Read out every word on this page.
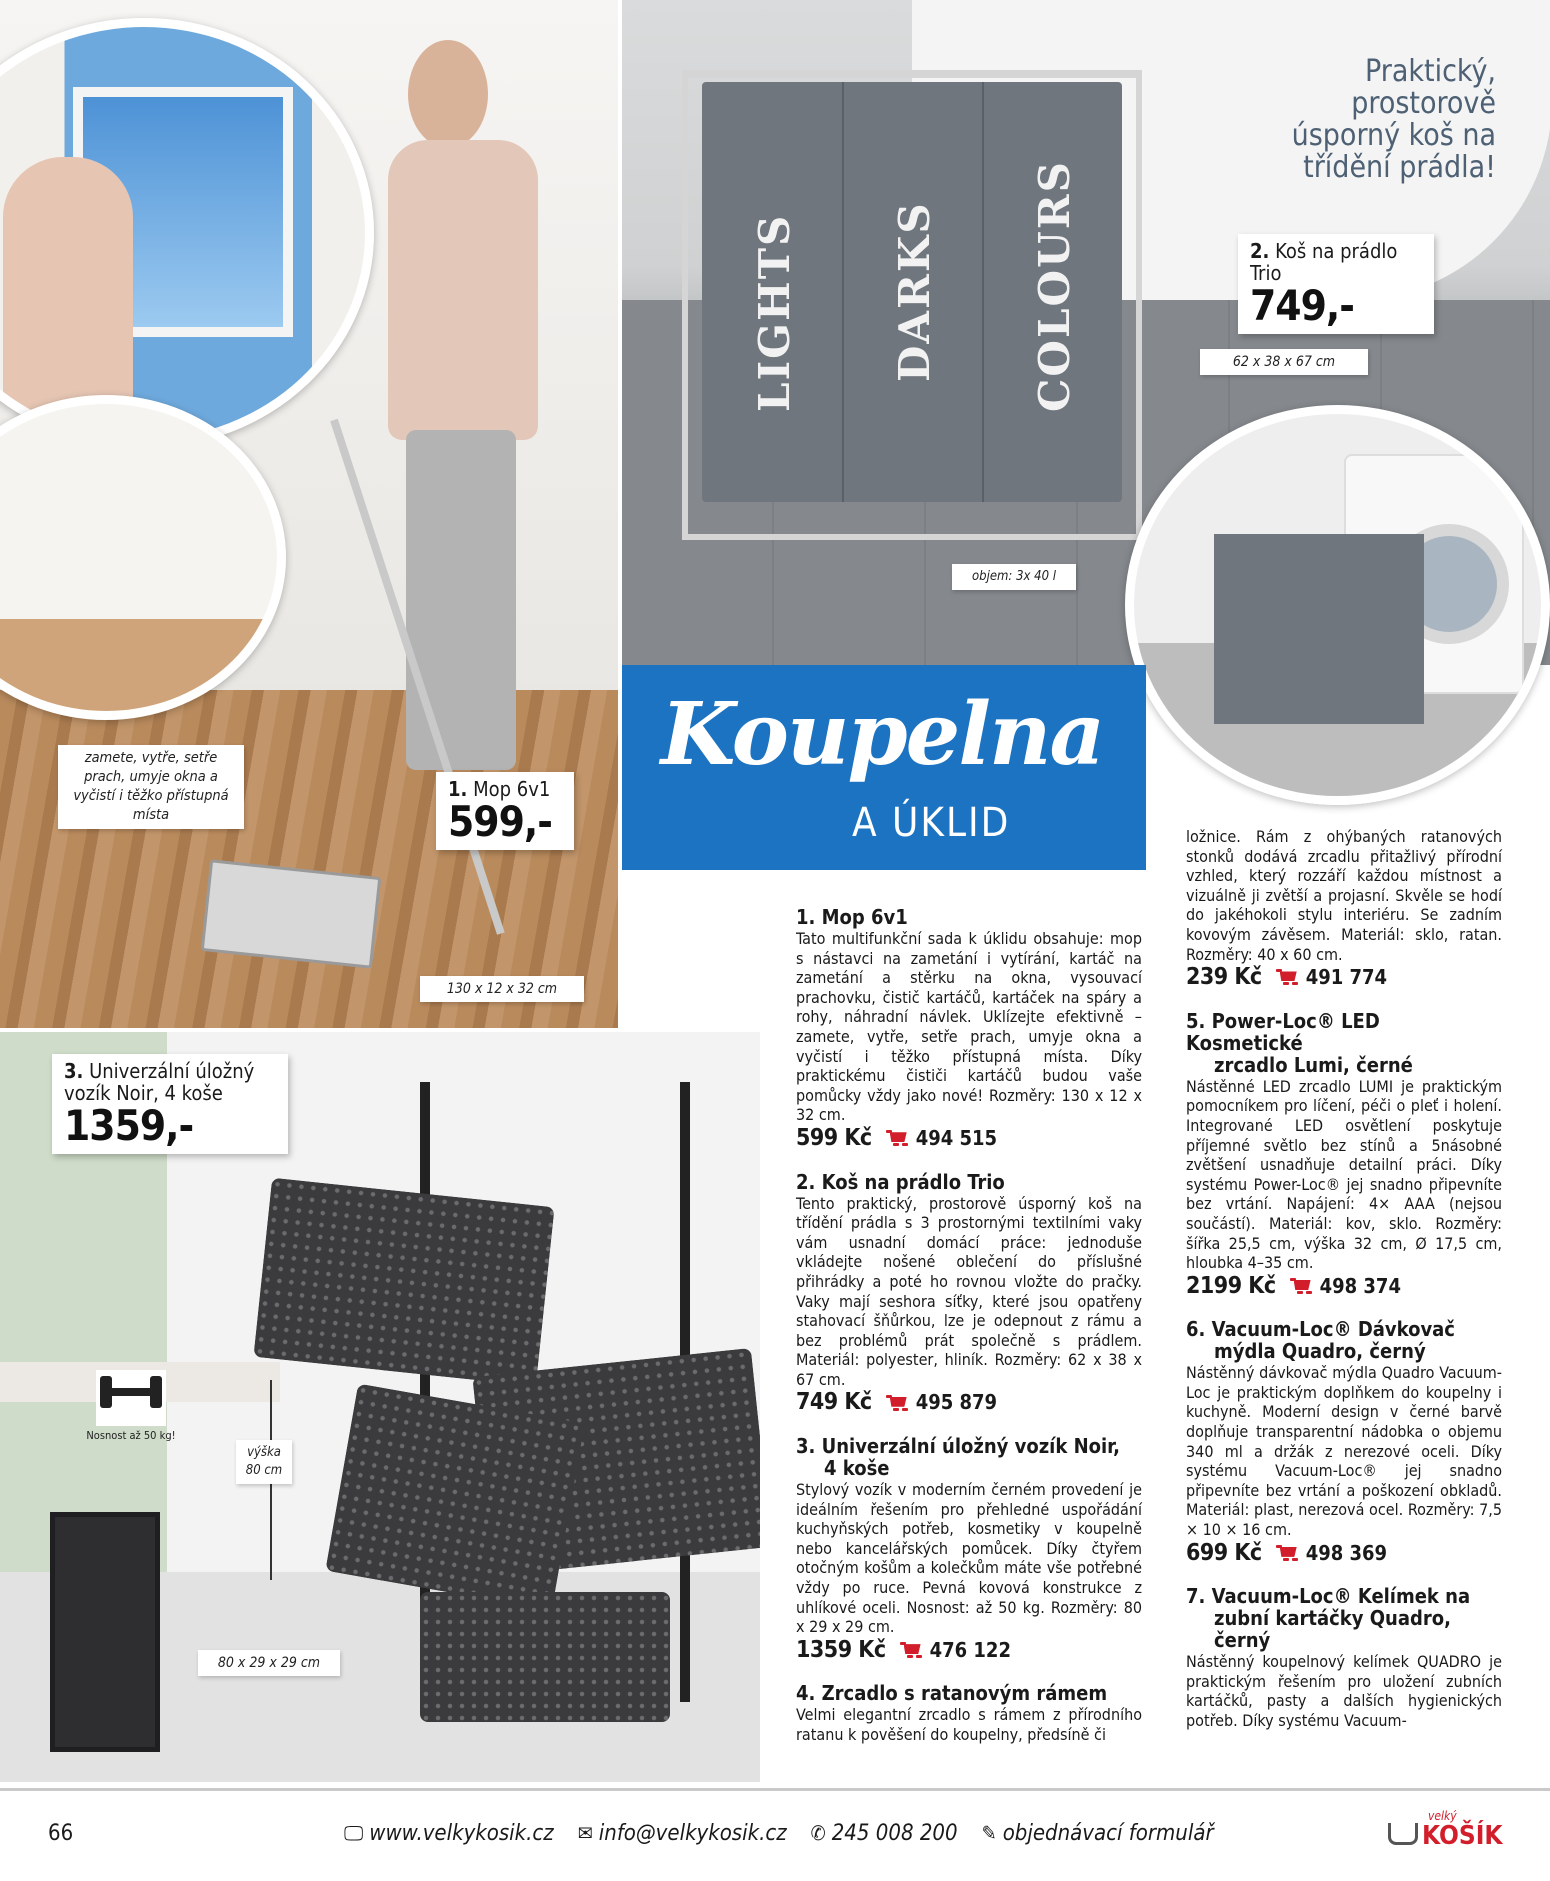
zamete, vytře, setře prach, umyje okna a vyčistí i těžko přístupná místa
130 x 12 x 32 cm
1. Mop 6v1
599,-
LIGHTS DARKS COLOURS
Praktický, prostorově úsporný koš na třídění prádla!
2. Koš na prádlo Trio
749,-
62 x 38 x 67 cm
objem: 3x 40 l
Koupelna
A ÚKLID
3. Univerzální úložný vozík Noir, 4 koše
1359,-
Nosnost až 50 kg!
výška 80 cm
80 x 29 x 29 cm
1. Mop 6v1

Tato multifunkční sada k úklidu obsahuje: mop s nástavci na zametání i vytírání, kartáč na zametání a stěrku na okna, vysouvací prachovku, čistič kartáčů, kartáček na spáry a rohy, náhradní návlek. Uklízejte efektivně – zamete, vytře, setře prach, umyje okna a vyčistí i těžko přístupná místa. Díky praktickému čističi kartáčů budou vaše pomůcky vždy jako nové! Rozměry: 130 x 12 x 32 cm.

599 Kč 494 515
2. Koš na prádlo Trio

Tento praktický, prostorově úsporný koš na třídění prádla s 3 prostornými textilními vaky vám usnadní domácí práce: jednoduše vkládejte nošené oblečení do příslušné přihrádky a poté ho rovnou vložte do pračky. Vaky mají seshora síťky, které jsou opatřeny stahovací šňůrkou, lze je odepnout z rámu a bez problémů prát společně s prádlem. Materiál: polyester, hliník. Rozměry: 62 x 38 x 67 cm.

749 Kč 495 879
3. Univerzální úložný vozík Noir,
4 koše

Stylový vozík v moderním černém provedení je ideálním řešením pro přehledné uspořádání kuchyňských potřeb, kosmetiky v koupelně nebo kancelářských pomůcek. Díky čtyřem otočným košům a kolečkům máte vše potřebné vždy po ruce. Pevná kovová konstrukce z uhlíkové oceli. Nosnost: až 50 kg. Rozměry: 80 x 29 x 29 cm.

1359 Kč 476 122
4. Zrcadlo s ratanovým rámem

Velmi elegantní zrcadlo s rámem z přírodního ratanu k pověšení do koupelny, předsíně či

ložnice. Rám z ohýbaných ratanových stonků dodává zrcadlu přitažlivý přírodní vzhled, který rozzáří každou místnost a vizuálně ji zvětší a projasní. Skvěle se hodí do jakéhokoli stylu interiéru. Se zadním kovovým závěsem. Materiál: sklo, ratan. Rozměry: 40 x 60 cm.

239 Kč 491 774
5. Power-Loc® LED Kosmetické
zrcadlo Lumi, černé

Nástěnné LED zrcadlo LUMI je praktickým pomocníkem pro líčení, péči o pleť i holení. Integrované LED osvětlení poskytuje příjemné světlo bez stínů a 5násobné zvětšení usnadňuje detailní práci. Díky systému Power-Loc® jej snadno připevníte bez vrtání. Napájení: 4× AAA (nejsou součástí). Materiál: kov, sklo. Rozměry: šířka 25,5 cm, výška 32 cm, Ø 17,5 cm, hloubka 4–35 cm.

2199 Kč 498 374
6. Vacuum-Loc® Dávkovač
mýdla Quadro, černý

Nástěnný dávkovač mýdla Quadro Vacuum-Loc je praktickým doplňkem do koupelny i kuchyně. Moderní design v černé barvě doplňuje transparentní nádobka o objemu 340 ml a držák z nerezové oceli. Díky systému Vacuum-Loc® jej snadno připevníte bez vrtání a poškození obkladů. Materiál: plast, nerezová ocel. Rozměry: 7,5 × 10 × 16 cm.

699 Kč 498 369
7. Vacuum-Loc® Kelímek na
zubní kartáčky Quadro, černý

Nástěnný koupelnový kelímek QUADRO je praktickým řešením pro uložení zubních kartáčků, pasty a dalších hygienických potřeb. Díky systému Vacuum-

66	🖵 www.velkykosik.cz ✉ info@velkykosik.cz ✆ 245 008 200 ✎ objednávací formulář
velký
KOŠÍK
